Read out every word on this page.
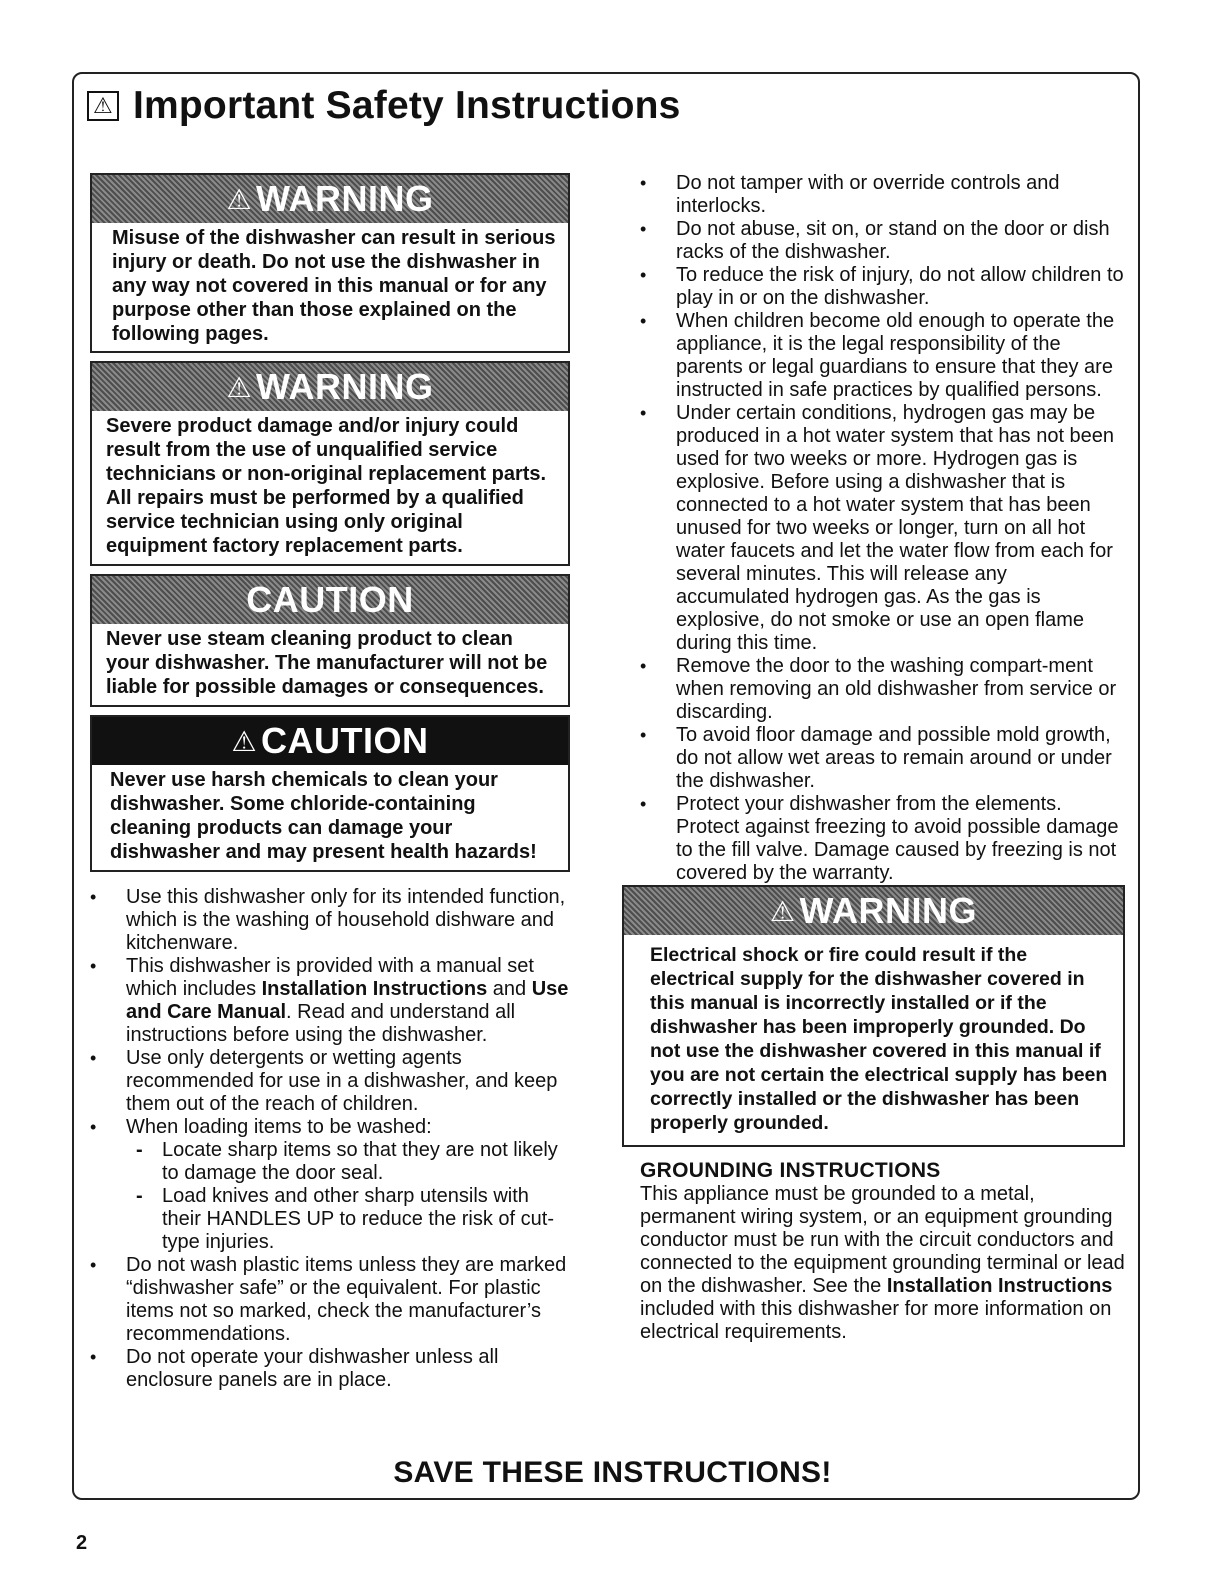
⚠ Important Safety Instructions
⚠ WARNING
Misuse of the dishwasher can result in serious injury or death. Do not use the dishwasher in any way not covered in this manual or for any purpose other than those explained on the following pages.
⚠ WARNING
Severe product damage and/or injury could result from the use of unqualified service technicians or non-original replacement parts. All repairs must be performed by a qualified service technician using only original equipment factory replacement parts.
CAUTION
Never use steam cleaning product to clean your dishwasher. The manufacturer will not be liable for possible damages or consequences.
⚠ CAUTION
Never use harsh chemicals to clean your dishwasher. Some chloride-containing cleaning products can damage your dishwasher and may present health hazards!
• Use this dishwasher only for its intended function, which is the washing of household dishware and kitchenware.
• This dishwasher is provided with a manual set which includes Installation Instructions and Use and Care Manual. Read and understand all instructions before using the dishwasher.
• Use only detergents or wetting agents recommended for use in a dishwasher, and keep them out of the reach of children.
• When loading items to be washed:
- Locate sharp items so that they are not likely to damage the door seal.
- Load knives and other sharp utensils with their HANDLES UP to reduce the risk of cut-type injuries.
• Do not wash plastic items unless they are marked “dishwasher safe” or the equivalent. For plastic items not so marked, check the manufacturer’s recommendations.
• Do not operate your dishwasher unless all enclosure panels are in place.
• Do not tamper with or override controls and interlocks.
• Do not abuse, sit on, or stand on the door or dish racks of the dishwasher.
• To reduce the risk of injury, do not allow children to play in or on the dishwasher.
• When children become old enough to operate the appliance, it is the legal responsibility of the parents or legal guardians to ensure that they are instructed in safe practices by qualified persons.
• Under certain conditions, hydrogen gas may be produced in a hot water system that has not been used for two weeks or more. Hydrogen gas is explosive. Before using a dishwasher that is connected to a hot water system that has been unused for two weeks or longer, turn on all hot water faucets and let the water flow from each for several minutes. This will release any accumulated hydrogen gas. As the gas is explosive, do not smoke or use an open flame during this time.
• Remove the door to the washing compart-ment when removing an old dishwasher from service or discarding.
• To avoid floor damage and possible mold growth, do not allow wet areas to remain around or under the dishwasher.
• Protect your dishwasher from the elements. Protect against freezing to avoid possible damage to the fill valve. Damage caused by freezing is not covered by the warranty.
⚠ WARNING
Electrical shock or fire could result if the electrical supply for the dishwasher covered in this manual is incorrectly installed or if the dishwasher has been improperly grounded. Do not use the dishwasher covered in this manual if you are not certain the electrical supply has been correctly installed or the dishwasher has been properly grounded.
GROUNDING INSTRUCTIONS
This appliance must be grounded to a metal, permanent wiring system, or an equipment grounding conductor must be run with the circuit conductors and connected to the equipment grounding terminal or lead on the dishwasher. See the Installation Instructions included with this dishwasher for more information on electrical requirements.
SAVE THESE INSTRUCTIONS!
2
